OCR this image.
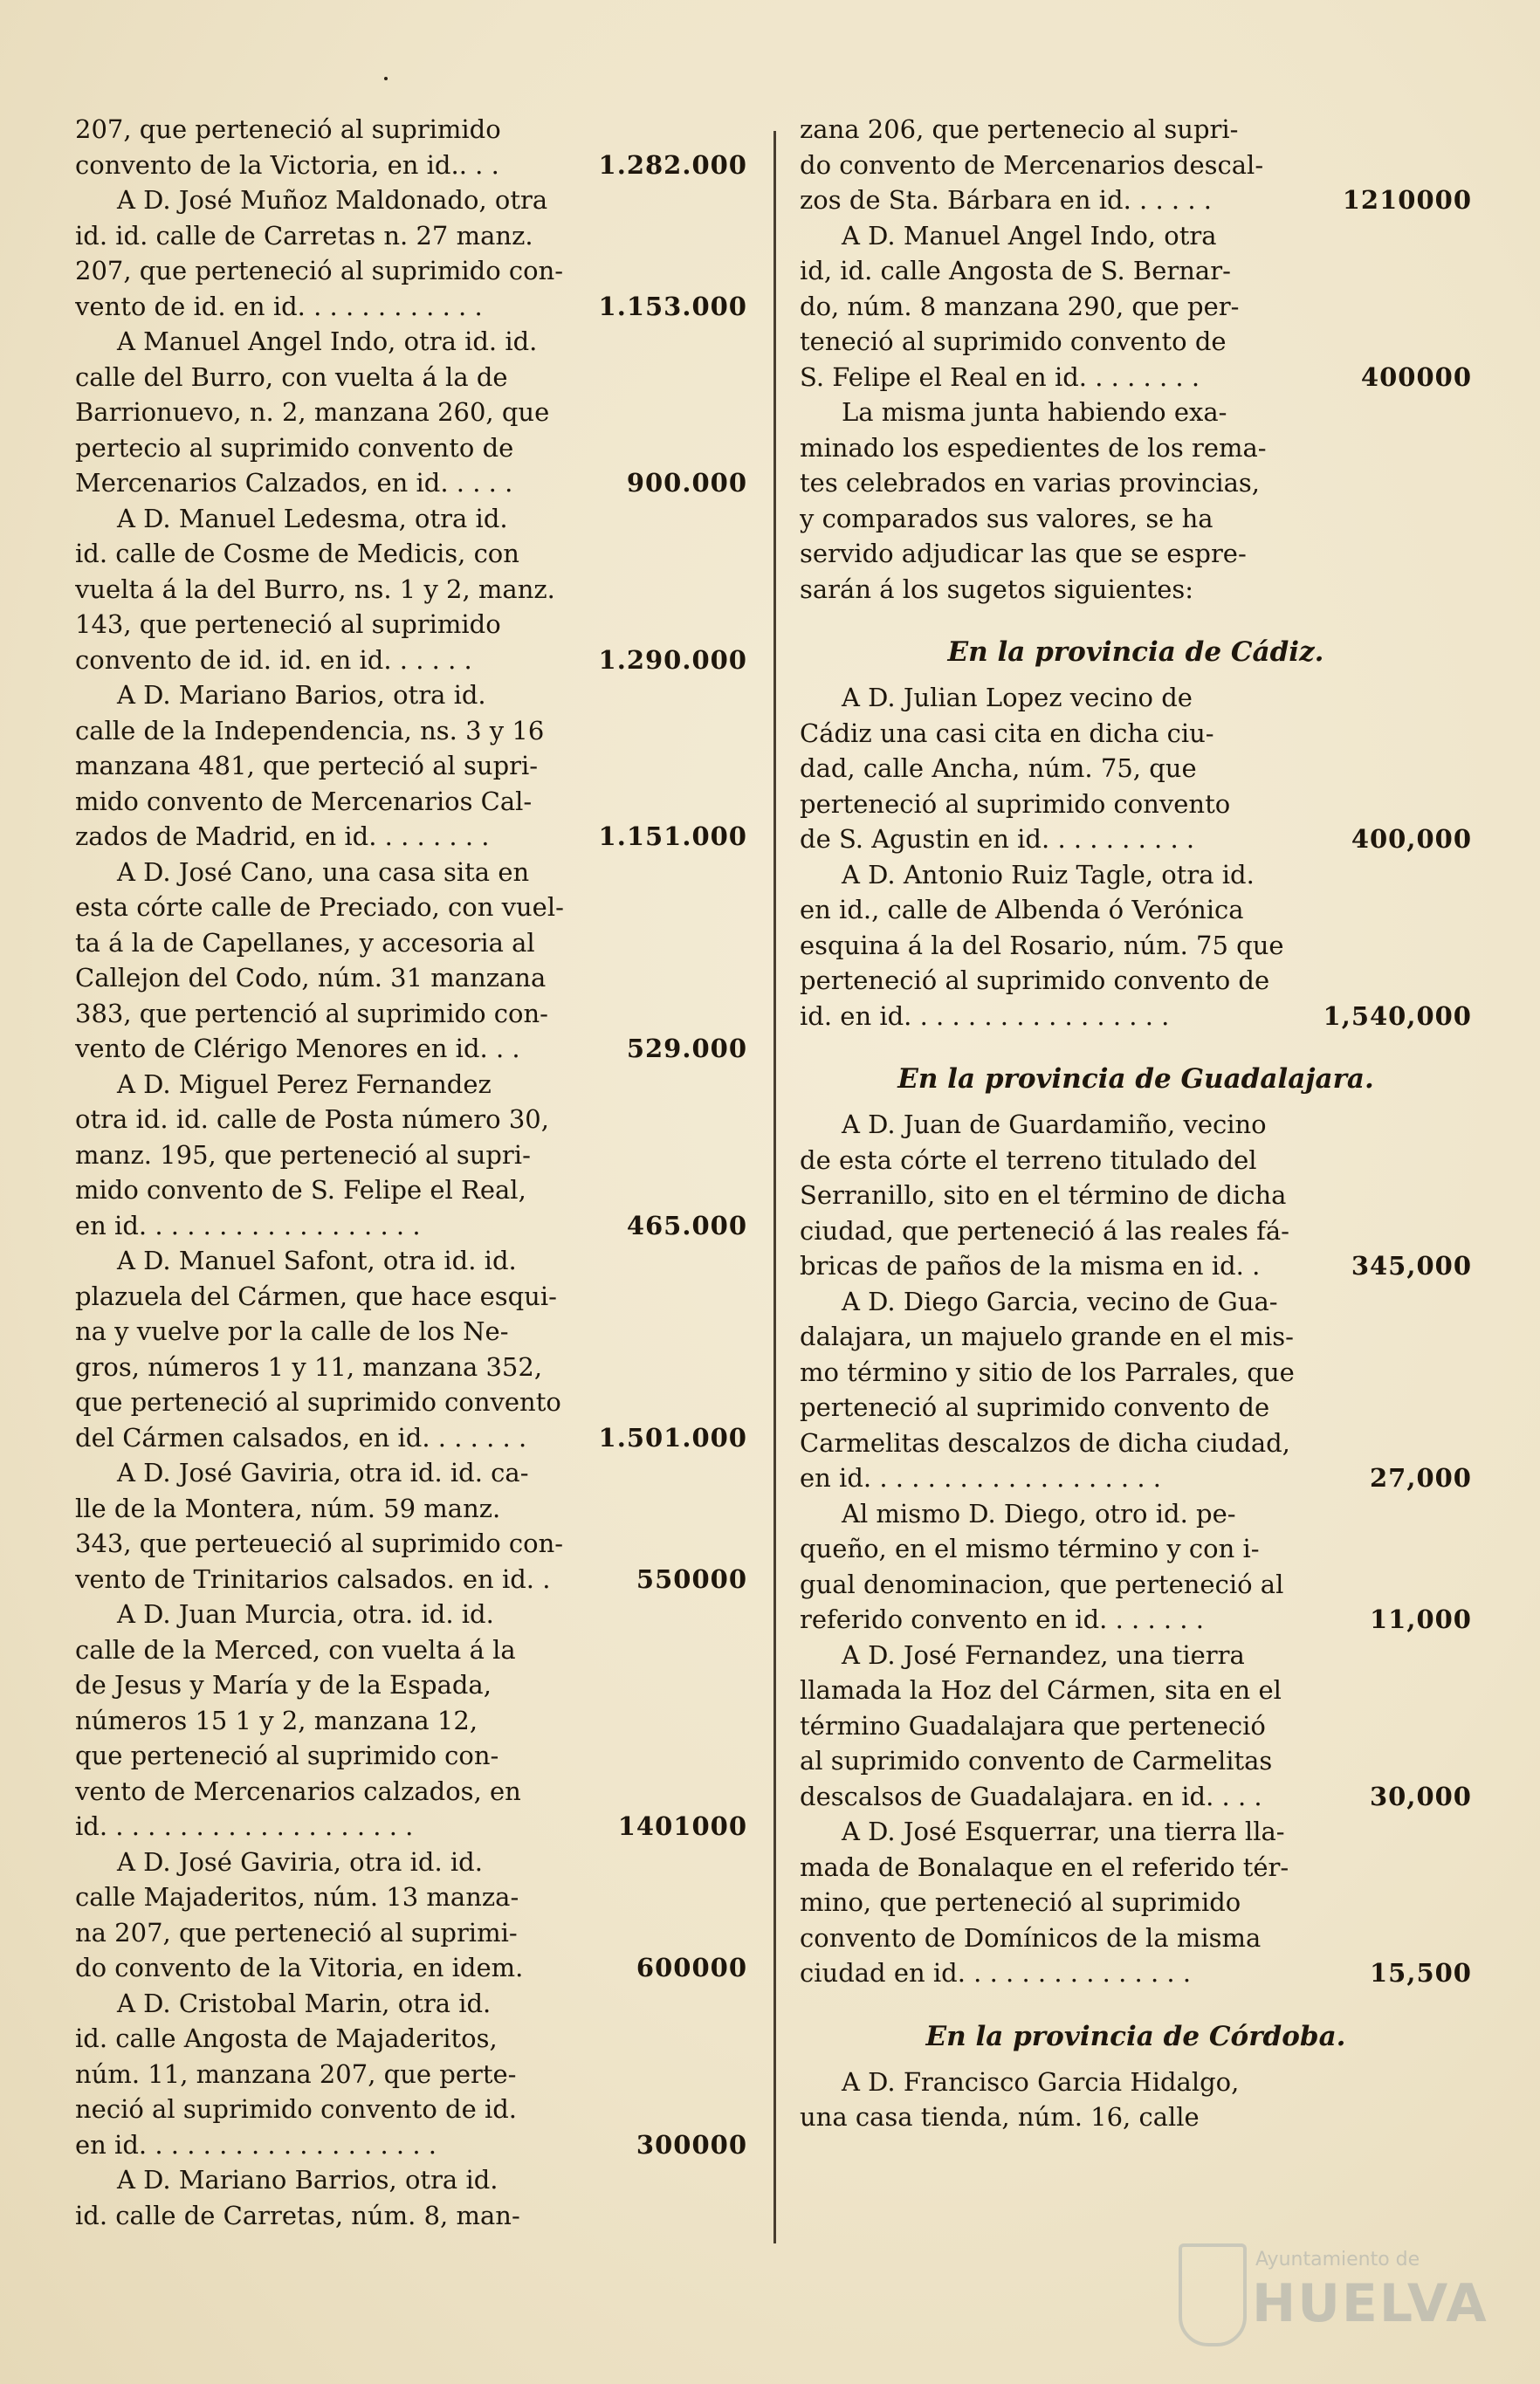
207, que perteneció al suprimido
convento de la Victoria, en id.. . .	1.282.000
A D. José Muñoz Maldonado, otra
id. id. calle de Carretas n. 27 manz.
207, que perteneció al suprimido con-
vento de id. en id. . . . . . . . . . . .	1.153.000
A Manuel Angel Indo, otra id. id.
calle del Burro, con vuelta á la de
Barrionuevo, n. 2, manzana 260, que
pertecio al suprimido convento de
Mercenarios Calzados, en id. . . . .	900.000
A D. Manuel Ledesma, otra id.
id. calle de Cosme de Medicis, con
vuelta á la del Burro, ns. 1 y 2, manz.
143, que perteneció al suprimido
convento de id. id. en id. . . . . .	1.290.000
A D. Mariano Barios, otra id.
calle de la Independencia, ns. 3 y 16
manzana 481, que perteció al supri-
mido convento de Mercenarios Cal-
zados de Madrid, en id. . . . . . . .	1.151.000
A D. José Cano, una casa sita en
esta córte calle de Preciado, con vuel-
ta á la de Capellanes, y accesoria al
Callejon del Codo, núm. 31 manzana
383, que pertenció al suprimido con-
vento de Clérigo Menores en id. . .	529.000
A D. Miguel Perez Fernandez
otra id. id. calle de Posta número 30,
manz. 195, que perteneció al supri-
mido convento de S. Felipe el Real,
en id. . . . . . . . . . . . . . . . . .	465.000
A D. Manuel Safont, otra id. id.
plazuela del Cármen, que hace esqui-
na y vuelve por la calle de los Ne-
gros, números 1 y 11, manzana 352,
que perteneció al suprimido convento
del Cármen calsados, en id. . . . . . .	1.501.000
A D. José Gaviria, otra id. id. ca-
lle de la Montera, núm. 59 manz.
343, que perteueció al suprimido con-
vento de Trinitarios calsados. en id. .	550000
A D. Juan Murcia, otra. id. id.
calle de la Merced, con vuelta á la
de Jesus y María y de la Espada,
números 15 1 y 2, manzana 12,
que perteneció al suprimido con-
vento de Mercenarios calzados, en
id. . . . . . . . . . . . . . . . . . . .	1401000
A D. José Gaviria, otra id. id.
calle Majaderitos, núm. 13 manza-
na 207, que perteneció al suprimi-
do convento de la Vitoria, en idem.	600000
A D. Cristobal Marin, otra id.
id. calle Angosta de Majaderitos,
núm. 11, manzana 207, que perte-
neció al suprimido convento de id.
en id. . . . . . . . . . . . . . . . . . .	300000
A D. Mariano Barrios, otra id.
id. calle de Carretas, núm. 8, man-
zana 206, que pertenecio al supri-
do convento de Mercenarios descal-
zos de Sta. Bárbara en id. . . . . .	1210000
A D. Manuel Angel Indo, otra
id, id. calle Angosta de S. Bernar-
do, núm. 8 manzana 290, que per-
teneció al suprimido convento de
S. Felipe el Real en id. . . . . . . .	400000
La misma junta habiendo exa-
minado los espedientes de los rema-
tes celebrados en varias provincias,
y comparados sus valores, se ha
servido adjudicar las que se espre-
sarán á los sugetos siguientes:
En la provincia de Cádiz.
A D. Julian Lopez vecino de
Cádiz una casi cita en dicha ciu-
dad, calle Ancha, núm. 75, que
perteneció al suprimido convento
de S. Agustin en id. . . . . . . . . .	400,000
A D. Antonio Ruiz Tagle, otra id.
en id., calle de Albenda ó Verónica
esquina á la del Rosario, núm. 75 que
perteneció al suprimido convento de
id. en id. . . . . . . . . . . . . . . . .	1,540,000
En la provincia de Guadalajara.
A D. Juan de Guardamiño, vecino
de esta córte el terreno titulado del
Serranillo, sito en el término de dicha
ciudad, que perteneció á las reales fá-
bricas de paños de la misma en id. .	345,000
A D. Diego Garcia, vecino de Gua-
dalajara, un majuelo grande en el mis-
mo término y sitio de los Parrales, que
perteneció al suprimido convento de
Carmelitas descalzos de dicha ciudad,
en id. . . . . . . . . . . . . . . . . . .	27,000
Al mismo D. Diego, otro id. pe-
queño, en el mismo término y con i-
gual denominacion, que perteneció al
referido convento en id. . . . . . .	11,000
A D. José Fernandez, una tierra
llamada la Hoz del Cármen, sita en el
término Guadalajara que perteneció
al suprimido convento de Carmelitas
descalsos de Guadalajara. en id. . . .	30,000
A D. José Esquerrar, una tierra lla-
mada de Bonalaque en el referido tér-
mino, que perteneció al suprimido
convento de Domínicos de la misma
ciudad en id. . . . . . . . . . . . . . .	15,500
En la provincia de Córdoba.
A D. Francisco Garcia Hidalgo,
una casa tienda, núm. 16, calle
Ayuntamiento de
HUELVA
